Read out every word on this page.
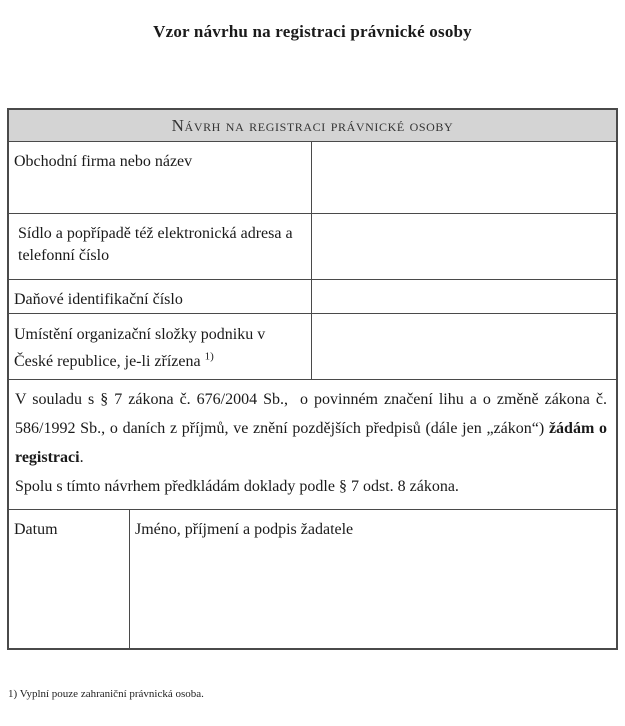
Vzor návrhu na registraci právnické osoby
Návrh na registraci právnické osoby
Obchodní firma nebo název
Sídlo a popřípadě též elektronická adresa a telefonní číslo
Daňové identifikační číslo
Umístění organizační složky podniku v České republice, je-li zřízena $^{1)}$

V souladu s § 7 zákona č. 676/2004 Sb.,  o povinném značení lihu a o změně zákona č. 586/1992 Sb., o daních z příjmů, ve znění pozdějších předpisů (dále jen „zákon“) žádám o registraci.

Spolu s tímto návrhem předkládám doklady podle § 7 odst. 8 zákona.

Datum	Jméno, příjmení a podpis žadatele
1) Vyplní pouze zahraniční právnická osoba.
